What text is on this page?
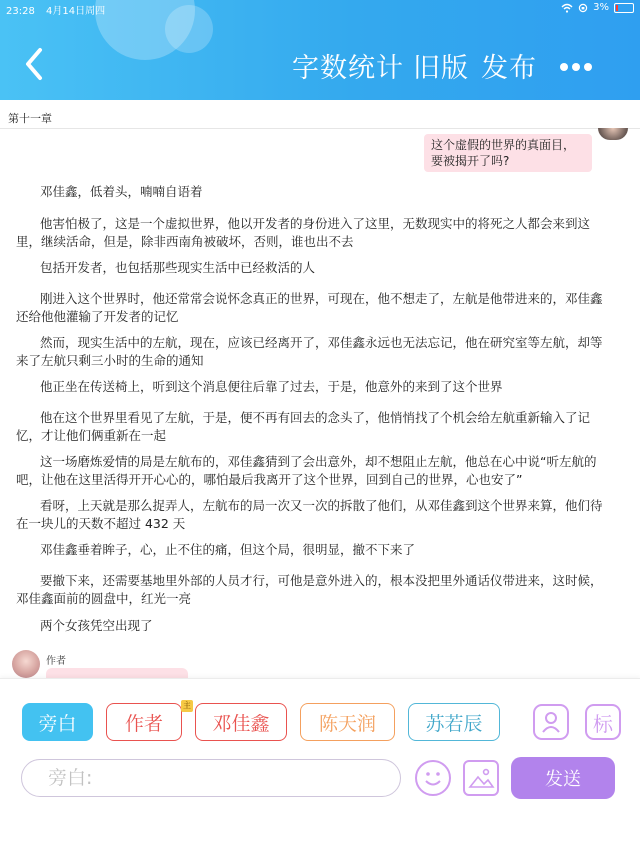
23:28 4月14日周四	3%
字数统计 旧版 发布
第十一章
这个虚假的世界的真面目，要被揭开了吗?
邓佳鑫，低着头，喃喃自语着
他害怕极了，这是一个虚拟世界，他以开发者的身份进入了这里，无数现实中的将死之人都会来到这里，继续活命，但是，除非西南角被破坏，否则，谁也出不去
包括开发者，也包括那些现实生活中已经救活的人
刚进入这个世界时，他还常常会说怀念真正的世界，可现在，他不想走了，左航是他带进来的，邓佳鑫还给他他灌输了开发者的记忆
然而，现实生活中的左航，现在，应该已经离开了，邓佳鑫永远也无法忘记，他在研究室等左航，却等来了左航只剩三小时的生命的通知
他正坐在传送椅上，听到这个消息便往后靠了过去，于是，他意外的来到了这个世界
他在这个世界里看见了左航，于是，便不再有回去的念头了，他悄悄找了个机会给左航重新输入了记忆，才让他们俩重新在一起
这一场磨炼爱情的局是左航布的，邓佳鑫猜到了会出意外，却不想阻止左航，他总在心中说“听左航的吧，让他在这里活得开开心心的，哪怕最后我离开了这个世界，回到自己的世界，心也安了”
看呀，上天就是那么捉弄人，左航布的局一次又一次的拆散了他们，从邓佳鑫到这个世界来算，他们待在一块儿的天数不超过 432 天
邓佳鑫垂着眸子，心，止不住的痛，但这个局，很明显，撤不下来了
要撤下来，还需要基地里外部的人员才行，可他是意外进入的，根本没把里外通话仪带进来，这时候，邓佳鑫面前的圆盘中，红光一亮
两个女孩凭空出现了
作者
旁白	作者	邓佳鑫
主
陈天润	苏若辰	标
旁白:
发送
